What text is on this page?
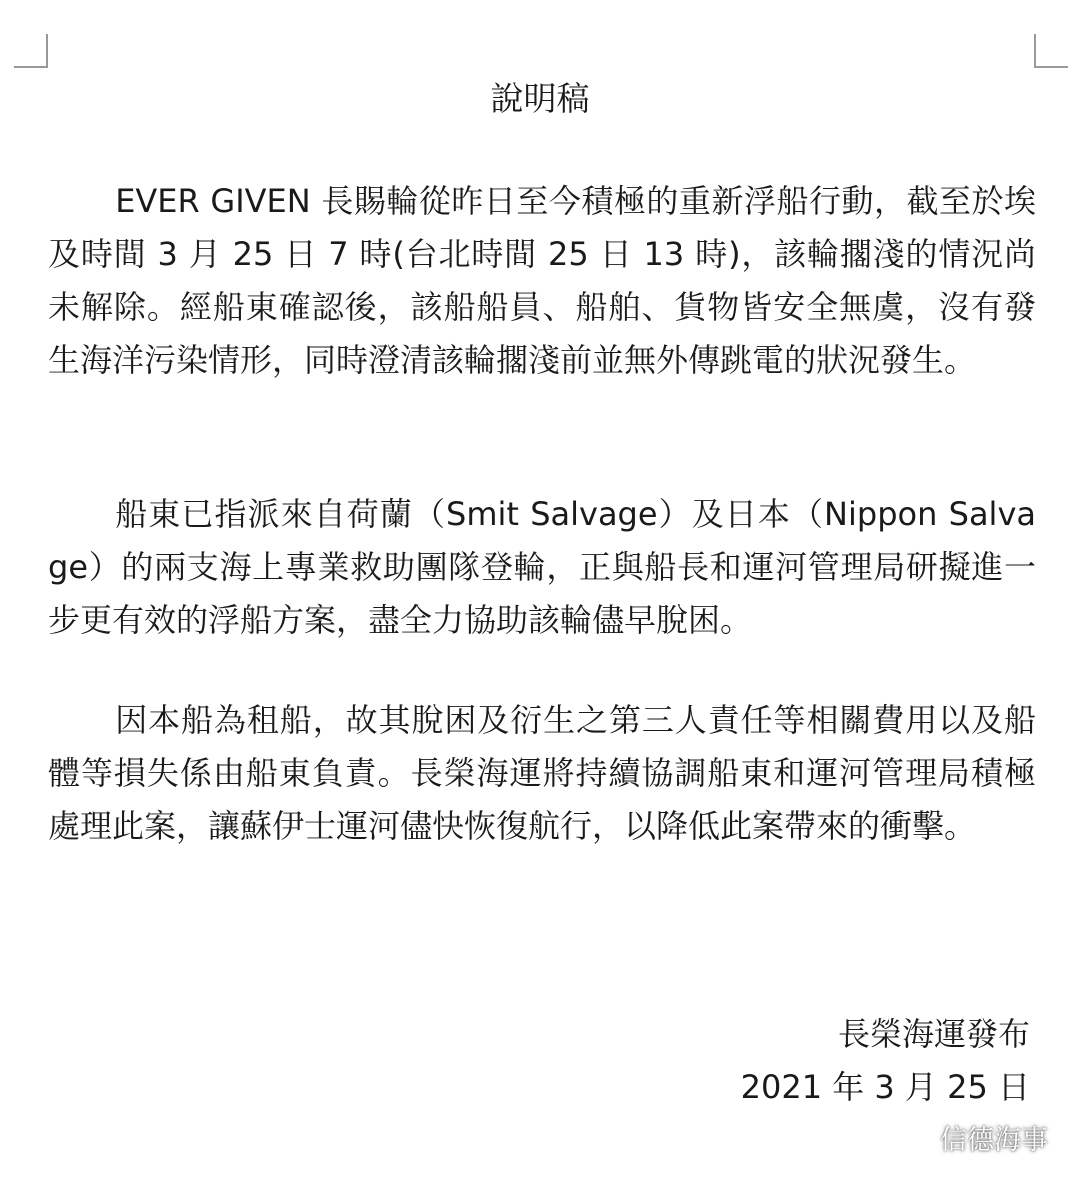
說明稿

EVER GIVEN 長賜輪從昨日至今積極的重新浮船行動，截至於埃及時間 3 月 25 日 7 時(台北時間 25 日 13 時)，該輪擱淺的情況尚未解除。經船東確認後，該船船員、船舶、貨物皆安全無虞，沒有發生海洋污染情形，同時澄清該輪擱淺前並無外傳跳電的狀況發生。

船東已指派來自荷蘭（Smit Salvage）及日本（Nippon Salvage）的兩支海上專業救助團隊登輪，正與船長和運河管理局研擬進一步更有效的浮船方案，盡全力協助該輪儘早脫困。

因本船為租船，故其脫困及衍生之第三人責任等相關費用以及船體等損失係由船東負責。長榮海運將持續協調船東和運河管理局積極處理此案，讓蘇伊士運河儘快恢復航行，以降低此案帶來的衝擊。

長榮海運發布
2021 年 3 月 25 日
信德海事
